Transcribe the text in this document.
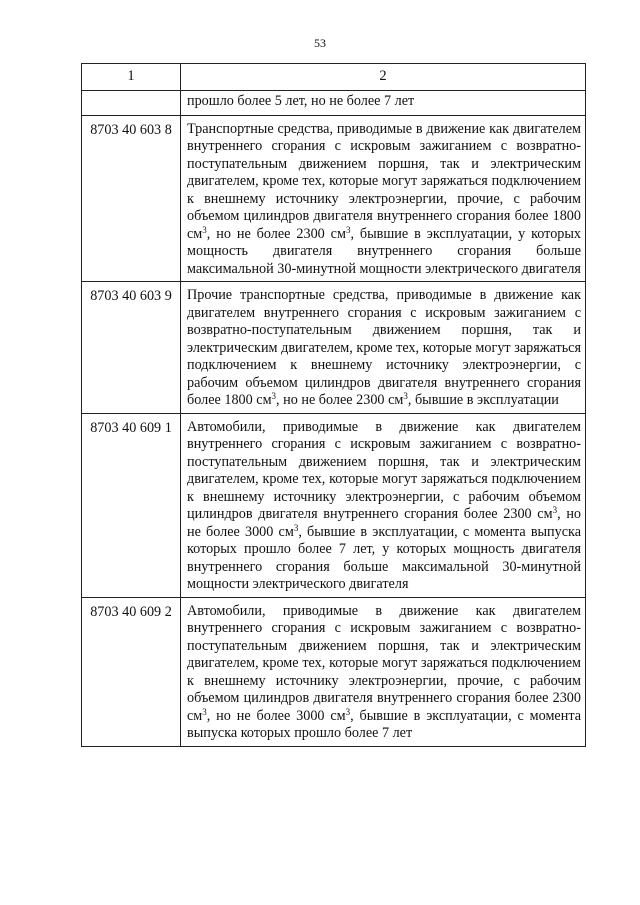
53
1	2
	прошло более 5 лет, но не более 7 лет
8703 40 603 8	Транспортные средства, приводимые в движение как двигателем внутреннего сгорания с искровым зажиганием с возвратно-поступательным движением поршня, так и электрическим двигателем, кроме тех, которые могут заряжаться подключением к внешнему источнику электроэнергии, прочие, с рабочим объемом цилиндров двигателя внутреннего сгорания более 1800 $см^3$, но не более 2300 $см^3$, бывшие в эксплуатации, у которых мощность двигателя внутреннего сгорания больше максимальной 30-минутной мощности электрического двигателя
8703 40 603 9	Прочие транспортные средства, приводимые в движение как двигателем внутреннего сгорания с искровым зажиганием с возвратно-поступательным движением поршня, так и электрическим двигателем, кроме тех, которые могут заряжаться подключением к внешнему источнику электроэнергии, с рабочим объемом цилиндров двигателя внутреннего сгорания более 1800 $см^3$, но не более 2300 $см^3$, бывшие в эксплуатации
8703 40 609 1	Автомобили, приводимые в движение как двигателем внутреннего сгорания с искровым зажиганием с возвратно-поступательным движением поршня, так и электрическим двигателем, кроме тех, которые могут заряжаться подключением к внешнему источнику электроэнергии, с рабочим объемом цилиндров двигателя внутреннего сгорания более 2300 $см^3$, но не более 3000 $см^3$, бывшие в эксплуатации, с момента выпуска которых прошло более 7 лет, у которых мощность двигателя внутреннего сгорания больше максимальной 30-минутной мощности электрического двигателя
8703 40 609 2	Автомобили, приводимые в движение как двигателем внутреннего сгорания с искровым зажиганием с возвратно-поступательным движением поршня, так и электрическим двигателем, кроме тех, которые могут заряжаться подключением к внешнему источнику электроэнергии, прочие, с рабочим объемом цилиндров двигателя внутреннего сгорания более 2300 $см^3$, но не более 3000 $см^3$, бывшие в эксплуатации, с момента выпуска которых прошло более 7 лет
